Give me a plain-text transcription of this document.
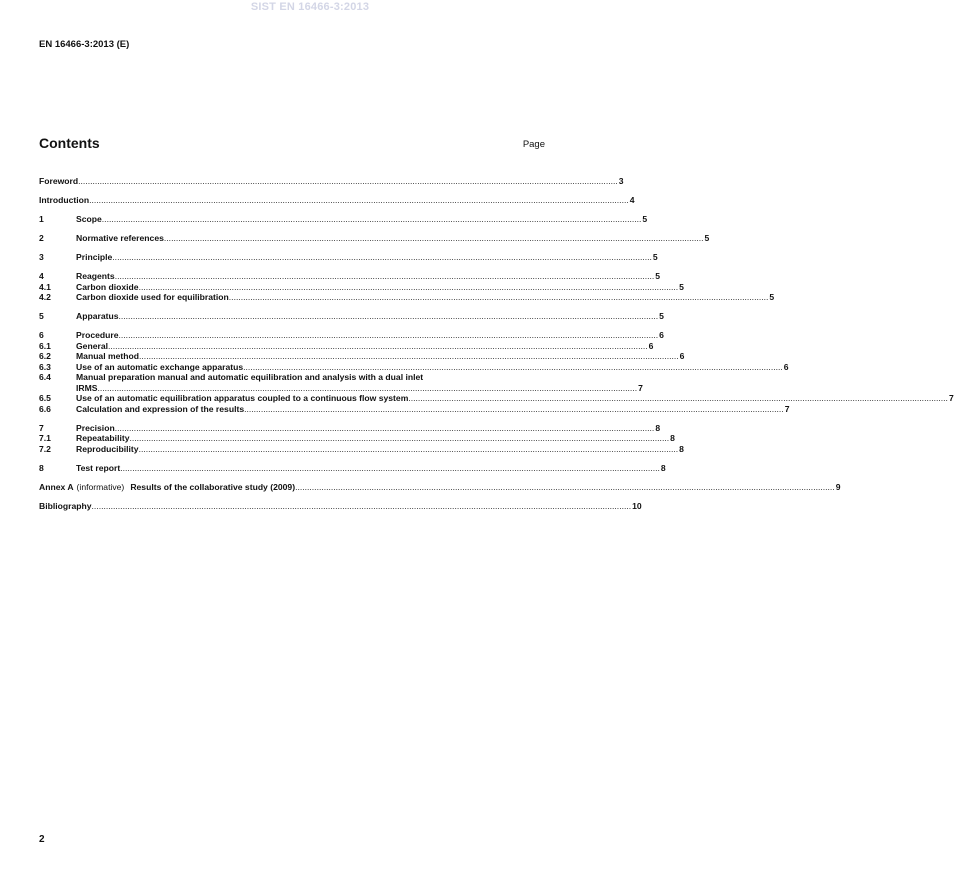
SIST EN 16466-3:2013
EN 16466-3:2013 (E)
Contents	Page
Foreword .....	3
Introduction .....	4
1	Scope .....	5
2	Normative references .....	5
3	Principle .....	5
4	Reagents .....	5
4.1	Carbon dioxide .....	5
4.2	Carbon dioxide used for equilibration .....	5
5	Apparatus .....	5
6	Procedure .....	6
6.1	General .....	6
6.2	Manual method .....	6
6.3	Use of an automatic exchange apparatus .....	6
6.4	Manual preparation manual and automatic equilibration and analysis with a dual inlet
IRMS .....	7
6.5	Use of an automatic equilibration apparatus coupled to a continuous flow system .....	7
6.6	Calculation and expression of the results .....	7
7	Precision .....	8
7.1	Repeatability .....	8
7.2	Reproducibility .....	8
8	Test report .....	8
Annex A (informative) Results of the collaborative study (2009) .....	9
Bibliography .....	10
2
